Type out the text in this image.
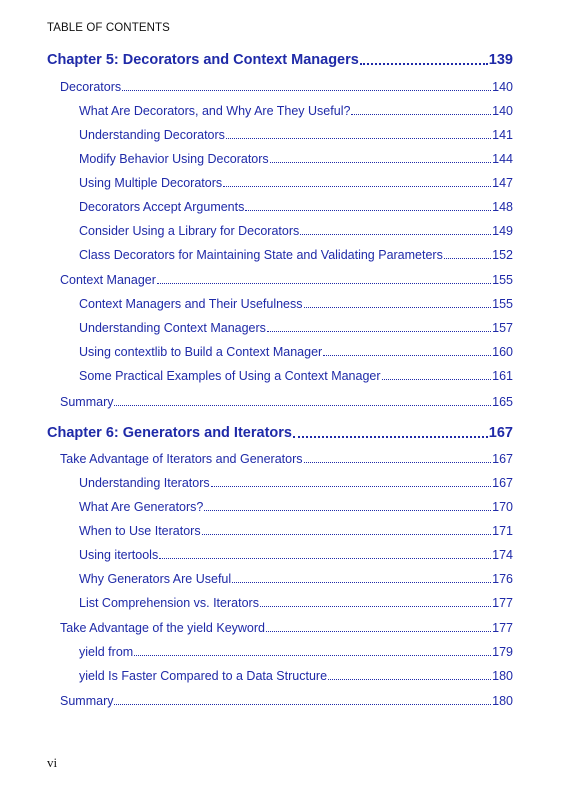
TABLE OF CONTENTS
Chapter 5: Decorators and Context Managers	139
Decorators	140
What Are Decorators, and Why Are They Useful?	140
Understanding Decorators	141
Modify Behavior Using Decorators	144
Using Multiple Decorators	147
Decorators Accept Arguments	148
Consider Using a Library for Decorators	149
Class Decorators for Maintaining State and Validating Parameters	152
Context Manager	155
Context Managers and Their Usefulness	155
Understanding Context Managers	157
Using contextlib to Build a Context Manager	160
Some Practical Examples of Using a Context Manager	161
Summary	165
Chapter 6: Generators and Iterators	167
Take Advantage of Iterators and Generators	167
Understanding Iterators	167
What Are Generators?	170
When to Use Iterators	171
Using itertools	174
Why Generators Are Useful	176
List Comprehension vs. Iterators	177
Take Advantage of the yield Keyword	177
yield from	179
yield Is Faster Compared to a Data Structure	180
Summary	180
vi
